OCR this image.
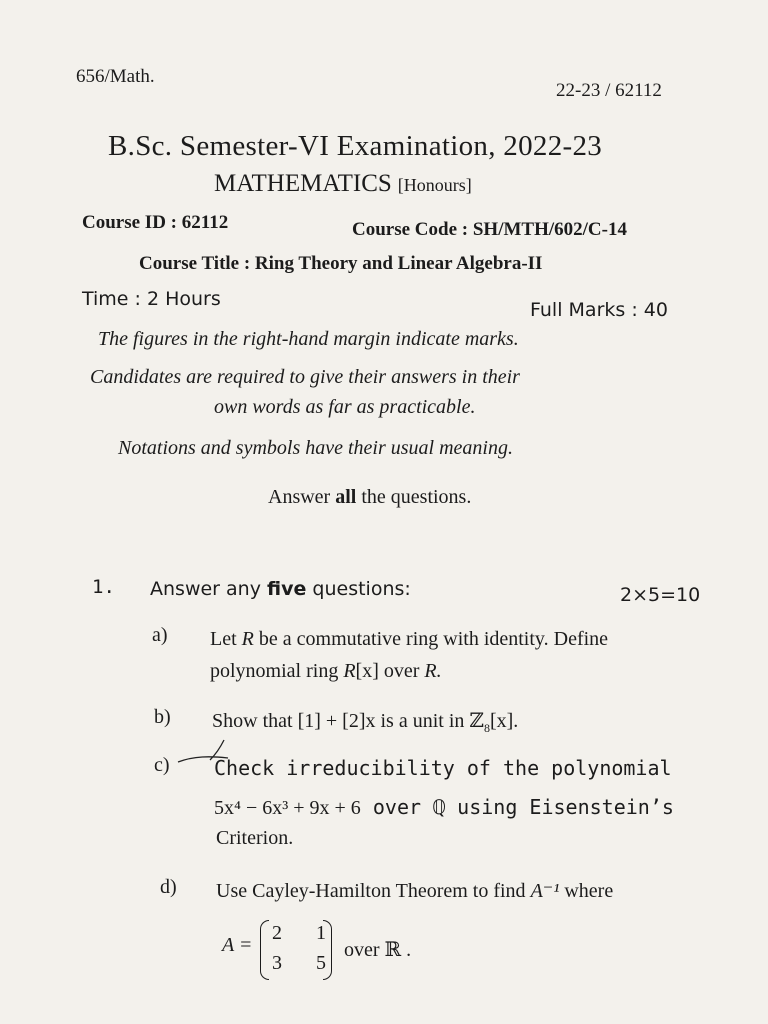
656/Math.
22-23 / 62112
B.Sc. Semester-VI Examination, 2022-23
MATHEMATICS [Honours]
Course ID : 62112	Course Code : SH/MTH/602/C-14
Course Title : Ring Theory and Linear Algebra-II
Time : 2 Hours	Full Marks : 40
The figures in the right-hand margin indicate marks.
Candidates are required to give their answers in their
own words as far as practicable.
Notations and symbols have their usual meaning.
Answer all the questions.
1. Answer any five questions:	2×5=10
a) Let R be a commutative ring with identity. Define
polynomial ring R[x] over R.
b) Show that [1] + [2]x is a unit in ℤ$_8$[x].
c) Check irreducibility of the polynomial
5x⁴ − 6x³ + 9x + 6 over ℚ using Eisenstein’s
Criterion.
d) Use Cayley-Hamilton Theorem to find A⁻¹ where
A =
2 1
3 5
over ℝ .
